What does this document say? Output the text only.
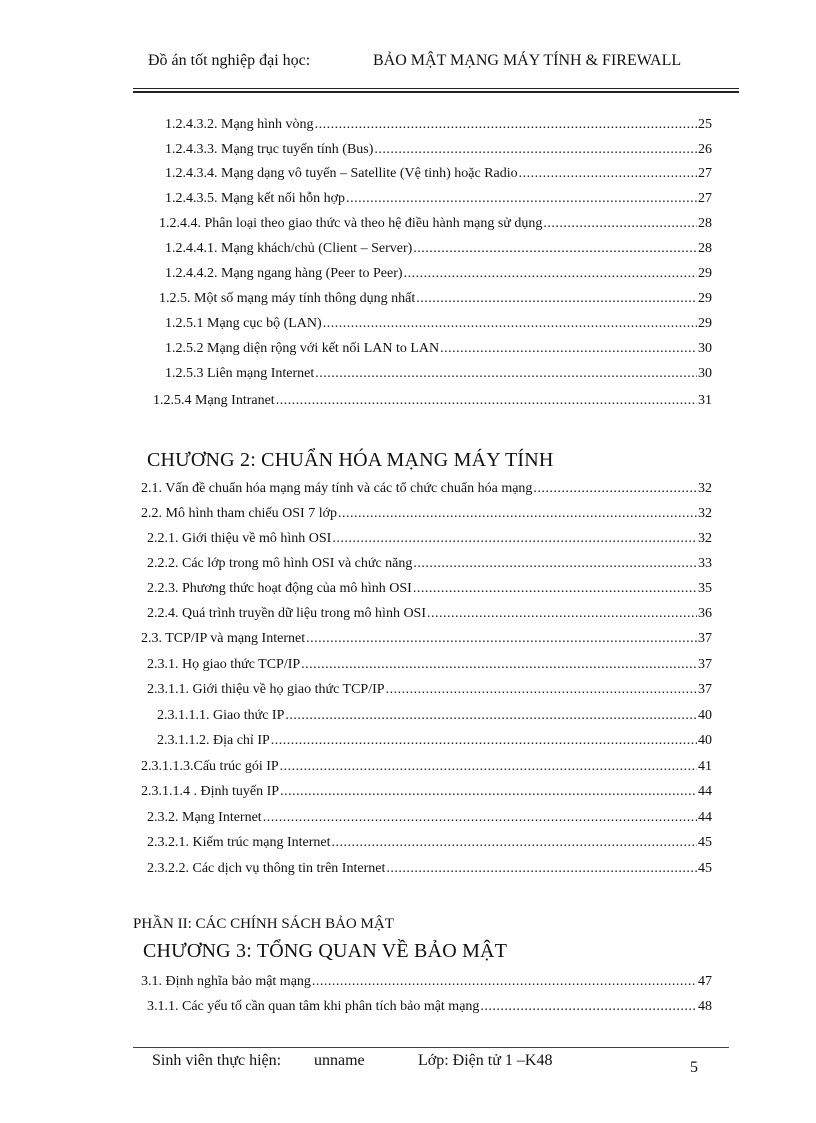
Đồ án tốt nghiệp đại học:	BẢO MẬT MẠNG MÁY TÍNH & FIREWALL
1.2.4.3.2. Mạng hình vòng .....	25
1.2.4.3.3. Mạng trục tuyến tính (Bus) .....	26
1.2.4.3.4. Mạng dạng vô tuyến – Satellite (Vệ tinh) hoặc Radio .....	27
1.2.4.3.5. Mạng kết nối hỗn hợp .....	27
1.2.4.4. Phân loại theo giao thức và theo hệ điều hành mạng sử dụng .....	28
1.2.4.4.1. Mạng khách/chủ (Client – Server) .....	28
1.2.4.4.2. Mạng ngang hàng (Peer to Peer) .....	29
1.2.5. Một số mạng máy tính thông dụng nhất .....	29
1.2.5.1 Mạng cục bộ (LAN) .....	29
1.2.5.2 Mạng diện rộng với kết nối LAN to LAN .....	30
1.2.5.3 Liên mạng Internet .....	30
1.2.5.4 Mạng Intranet .....	31
CHƯƠNG 2: CHUẨN HÓA MẠNG MÁY TÍNH
2.1. Vấn đề chuẩn hóa mạng máy tính và các tổ chức chuẩn hóa mạng .....	32
2.2. Mô hình tham chiếu OSI 7 lớp .....	32
2.2.1. Giới thiệu về mô hình OSI .....	32
2.2.2. Các lớp trong mô hình OSI và chức năng .....	33
2.2.3. Phương thức hoạt động của mô hình OSI .....	35
2.2.4. Quá trình truyền dữ liệu trong mô hình OSI .....	36
2.3. TCP/IP và mạng Internet .....	37
2.3.1. Họ giao thức TCP/IP .....	37
2.3.1.1. Giới thiệu về họ giao thức TCP/IP .....	37
2.3.1.1.1. Giao thức IP .....	40
2.3.1.1.2. Địa chỉ IP .....	40
2.3.1.1.3.Cấu trúc gói IP .....	41
2.3.1.1.4 . Định tuyến IP .....	44
2.3.2. Mạng Internet .....	44
2.3.2.1. Kiếm trúc mạng Internet .....	45
2.3.2.2. Các dịch vụ thông tin trên Internet .....	45
PHẦN II: CÁC CHÍNH SÁCH BẢO MẬT
CHƯƠNG 3: TỔNG QUAN VỀ BẢO MẬT
3.1. Định nghĩa bảo mật mạng .....	47
3.1.1. Các yếu tố cần quan tâm khi phân tích bảo mật mạng .....	48
Sinh viên thực hiện: unname	Lớp: Điện tử 1 –K48	5
